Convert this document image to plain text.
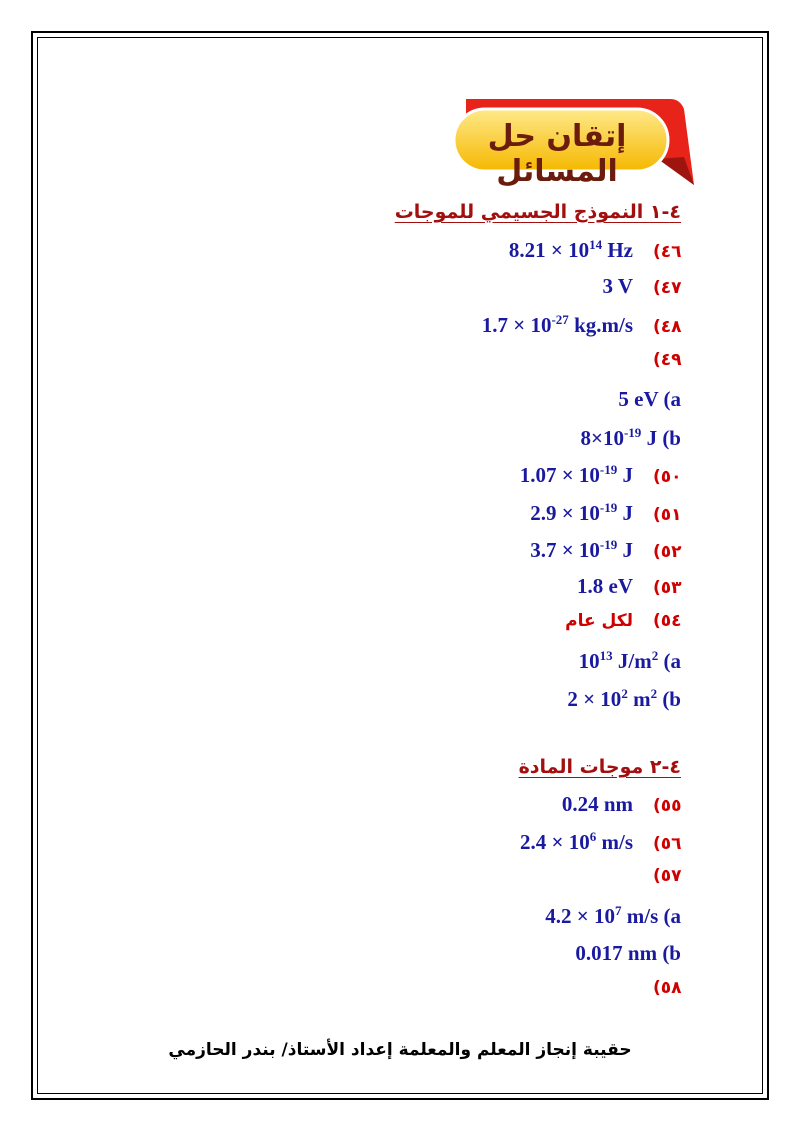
إتقان حل المسائل
٤-١ النموذج الجسيمي للموجات
(٤٦
$8.21 \times 10^{14}$ Hz
(٤٧
3 V
(٤٨
$1.7 \times 10^{-27}$ kg.m/s
(٤٩
5 eV (a
$8\times 10^{-19}$ J (b
(٥٠
$1.07 \times 10^{-19}$ J
(٥١
$2.9 \times 10^{-19}$ J
(٥٢
$3.7 \times 10^{-19}$ J
(٥٣
1.8 eV
(٥٤
لكل عام
$10^{13}$ $J/m^2$ (a
$2 \times 10^2$ $m^2$ (b
٤-٢ موجات المادة
(٥٥
0.24 nm
(٥٦
$2.4 \times 10^6$ m/s
(٥٧
$4.2 \times 10^7$ m/s (a
0.017 nm (b
(٥٨
حقيبة إنجاز المعلم والمعلمة إعداد الأستاذ/ بندر الحازمي
